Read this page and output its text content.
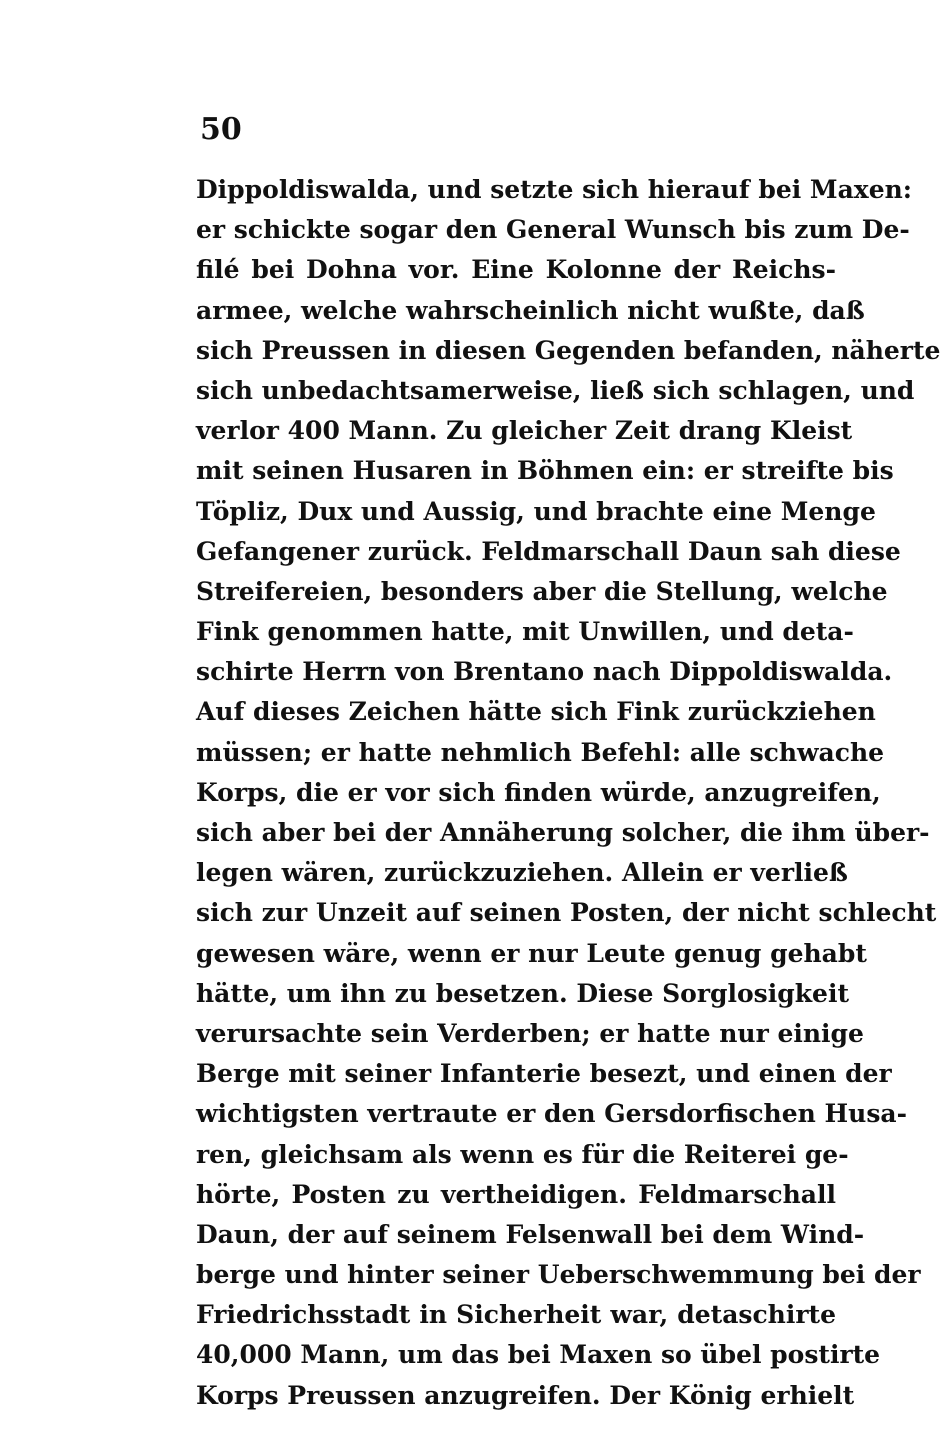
50
Dippoldiswalda, und setzte sich hierauf bei Maxen:
er schickte sogar den General Wunsch bis zum De-
filé bei Dohna vor. Eine Kolonne der Reichs-
armee, welche wahrscheinlich nicht wußte, daß
sich Preussen in diesen Gegenden befanden, näherte
sich unbedachtsamerweise, ließ sich schlagen, und
verlor 400 Mann. Zu gleicher Zeit drang Kleist
mit seinen Husaren in Böhmen ein: er streifte bis
Töpliz, Dux und Aussig, und brachte eine Menge
Gefangener zurück. Feldmarschall Daun sah diese
Streifereien, besonders aber die Stellung, welche
Fink genommen hatte, mit Unwillen, und deta-
schirte Herrn von Brentano nach Dippoldiswalda.
Auf dieses Zeichen hätte sich Fink zurückziehen
müssen; er hatte nehmlich Befehl: alle schwache
Korps, die er vor sich finden würde, anzugreifen,
sich aber bei der Annäherung solcher, die ihm über-
legen wären, zurückzuziehen. Allein er verließ
sich zur Unzeit auf seinen Posten, der nicht schlecht
gewesen wäre, wenn er nur Leute genug gehabt
hätte, um ihn zu besetzen. Diese Sorglosigkeit
verursachte sein Verderben; er hatte nur einige
Berge mit seiner Infanterie besezt, und einen der
wichtigsten vertraute er den Gersdorfischen Husa-
ren, gleichsam als wenn es für die Reiterei ge-
hörte, Posten zu vertheidigen. Feldmarschall
Daun, der auf seinem Felsenwall bei dem Wind-
berge und hinter seiner Ueberschwemmung bei der
Friedrichsstadt in Sicherheit war, detaschirte
40,000 Mann, um das bei Maxen so übel postirte
Korps Preussen anzugreifen. Der König erhielt
